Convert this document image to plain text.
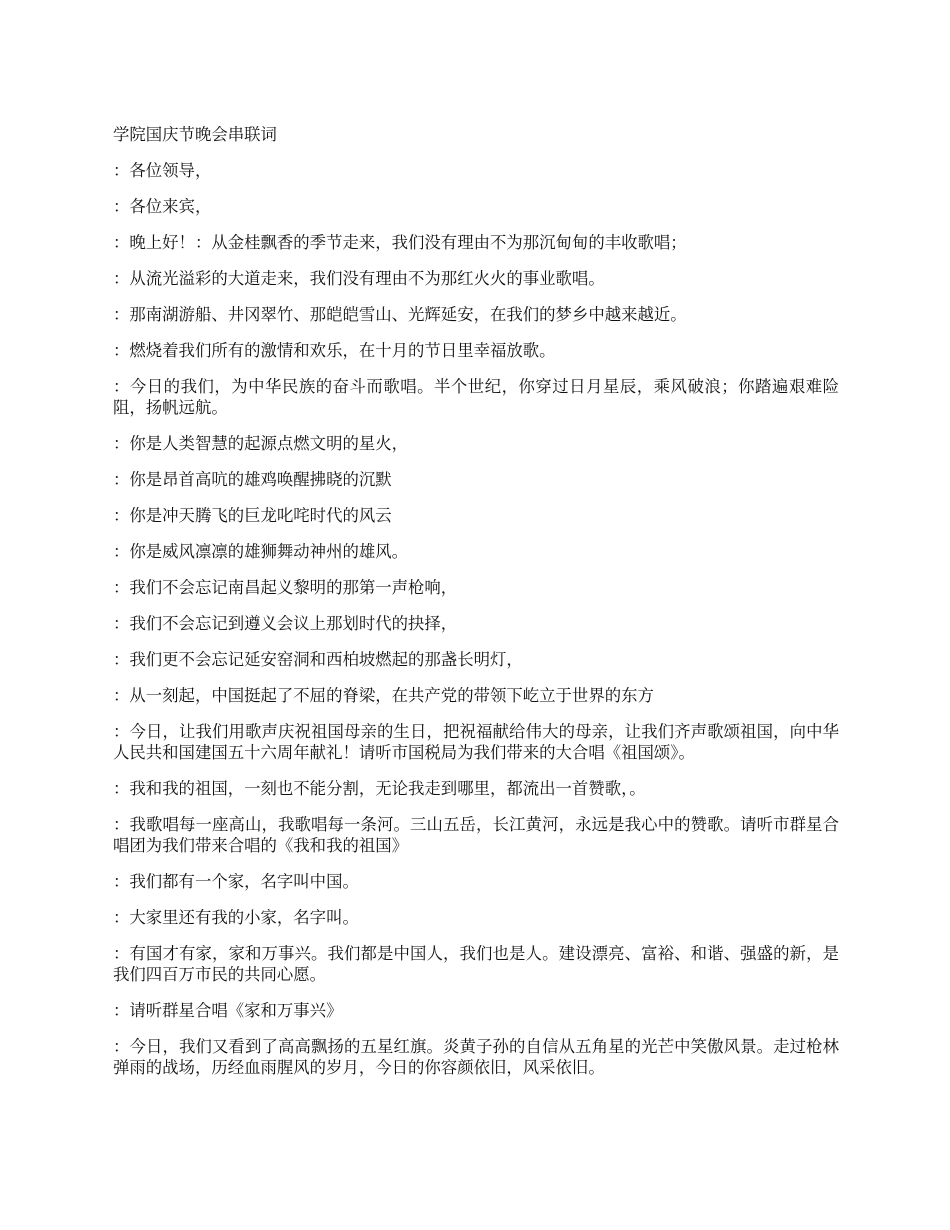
学院国庆节晚会串联词

：各位领导，

：各位来宾，

：晚上好！：从金桂飘香的季节走来，我们没有理由不为那沉甸甸的丰收歌唱；

：从流光溢彩的大道走来，我们没有理由不为那红火火的事业歌唱。

：那南湖游船、井冈翠竹、那皑皑雪山、光辉延安，在我们的梦乡中越来越近。

：燃烧着我们所有的激情和欢乐，在十月的节日里幸福放歌。

：今日的我们，为中华民族的奋斗而歌唱。半个世纪，你穿过日月星辰，乘风破浪；你踏遍艰难险阻，扬帆远航。

：你是人类智慧的起源点燃文明的星火，

：你是昂首高吭的雄鸡唤醒拂晓的沉默

：你是冲天腾飞的巨龙叱咤时代的风云

：你是威风凛凛的雄狮舞动神州的雄风。

：我们不会忘记南昌起义黎明的那第一声枪响，

：我们不会忘记到遵义会议上那划时代的抉择，

：我们更不会忘记延安窑洞和西柏坡燃起的那盏长明灯，

：从一刻起，中国挺起了不屈的脊梁，在共产党的带领下屹立于世界的东方

：今日，让我们用歌声庆祝祖国母亲的生日，把祝福献给伟大的母亲，让我们齐声歌颂祖国，向中华人民共和国建国五十六周年献礼！请听市国税局为我们带来的大合唱《祖国颂》。

：我和我的祖国，一刻也不能分割，无论我走到哪里，都流出一首赞歌，。

：我歌唱每一座高山，我歌唱每一条河。三山五岳，长江黄河，永远是我心中的赞歌。请听市群星合唱团为我们带来合唱的《我和我的祖国》

：我们都有一个家，名字叫中国。

：大家里还有我的小家，名字叫。

：有国才有家，家和万事兴。我们都是中国人，我们也是人。建设漂亮、富裕、和谐、强盛的新，是我们四百万市民的共同心愿。

：请听群星合唱《家和万事兴》

：今日，我们又看到了高高飘扬的五星红旗。炎黄子孙的自信从五角星的光芒中笑傲风景。走过枪林弹雨的战场，历经血雨腥风的岁月，今日的你容颜依旧，风采依旧。
